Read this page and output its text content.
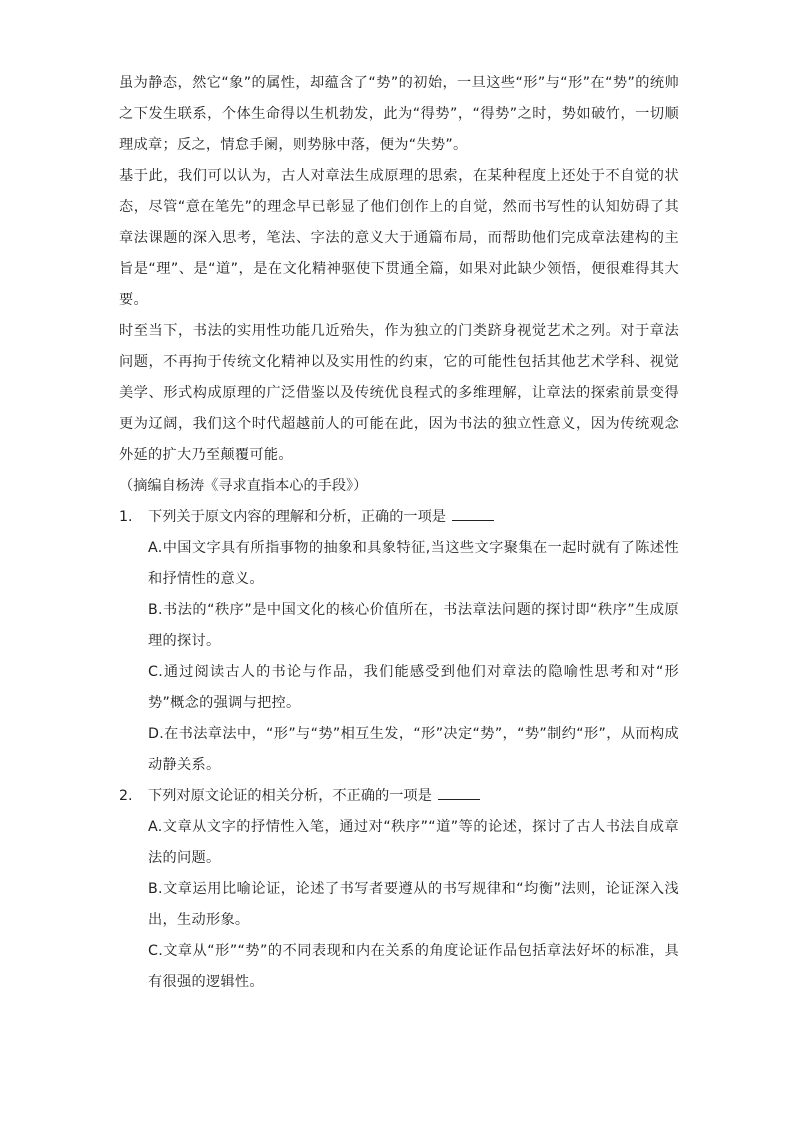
虽为静态，然它“象”的属性，却蕴含了“势”的初始，一旦这些“形”与“形”在“势”的统帅之下发生联系，个体生命得以生机勃发，此为“得势”，“得势”之时，势如破竹，一切顺理成章；反之，情怠手阑，则势脉中落，便为“失势”。

基于此，我们可以认为，古人对章法生成原理的思索，在某种程度上还处于不自觉的状态，尽管“意在笔先”的理念早已彰显了他们创作上的自觉，然而书写性的认知妨碍了其章法课题的深入思考，笔法、字法的意义大于通篇布局，而帮助他们完成章法建构的主旨是“理”、是“道”，是在文化精神驱使下贯通全篇，如果对此缺少领悟，便很难得其大要。

时至当下，书法的实用性功能几近殆失，作为独立的门类跻身视觉艺术之列。对于章法问题，不再拘于传统文化精神以及实用性的约束，它的可能性包括其他艺术学科、视觉美学、形式构成原理的广泛借鉴以及传统优良程式的多维理解，让章法的探索前景变得更为辽阔，我们这个时代超越前人的可能在此，因为书法的独立性意义，因为传统观念外延的扩大乃至颠覆可能。

（摘编自杨涛《寻求直指本心的手段》）

1.	下列关于原文内容的理解和分析，正确的一项是

A.中国文字具有所指事物的抽象和具象特征,当这些文字聚集在一起时就有了陈述性和抒情性的意义。

B.书法的“秩序”是中国文化的核心价值所在，书法章法问题的探讨即“秩序”生成原理的探讨。

C.通过阅读古人的书论与作品，我们能感受到他们对章法的隐喻性思考和对“形势”概念的强调与把控。

D.在书法章法中，“形”与“势”相互生发，“形”决定“势”，“势”制约“形”，从而构成动静关系。

2.	下列对原文论证的相关分析，不正确的一项是

A.文章从文字的抒情性入笔，通过对“秩序”“道”等的论述，探讨了古人书法自成章法的问题。

B.文章运用比喻论证，论述了书写者要遵从的书写规律和“均衡”法则，论证深入浅出，生动形象。

C.文章从“形”“势”的不同表现和内在关系的角度论证作品包括章法好坏的标准，具有很强的逻辑性。
